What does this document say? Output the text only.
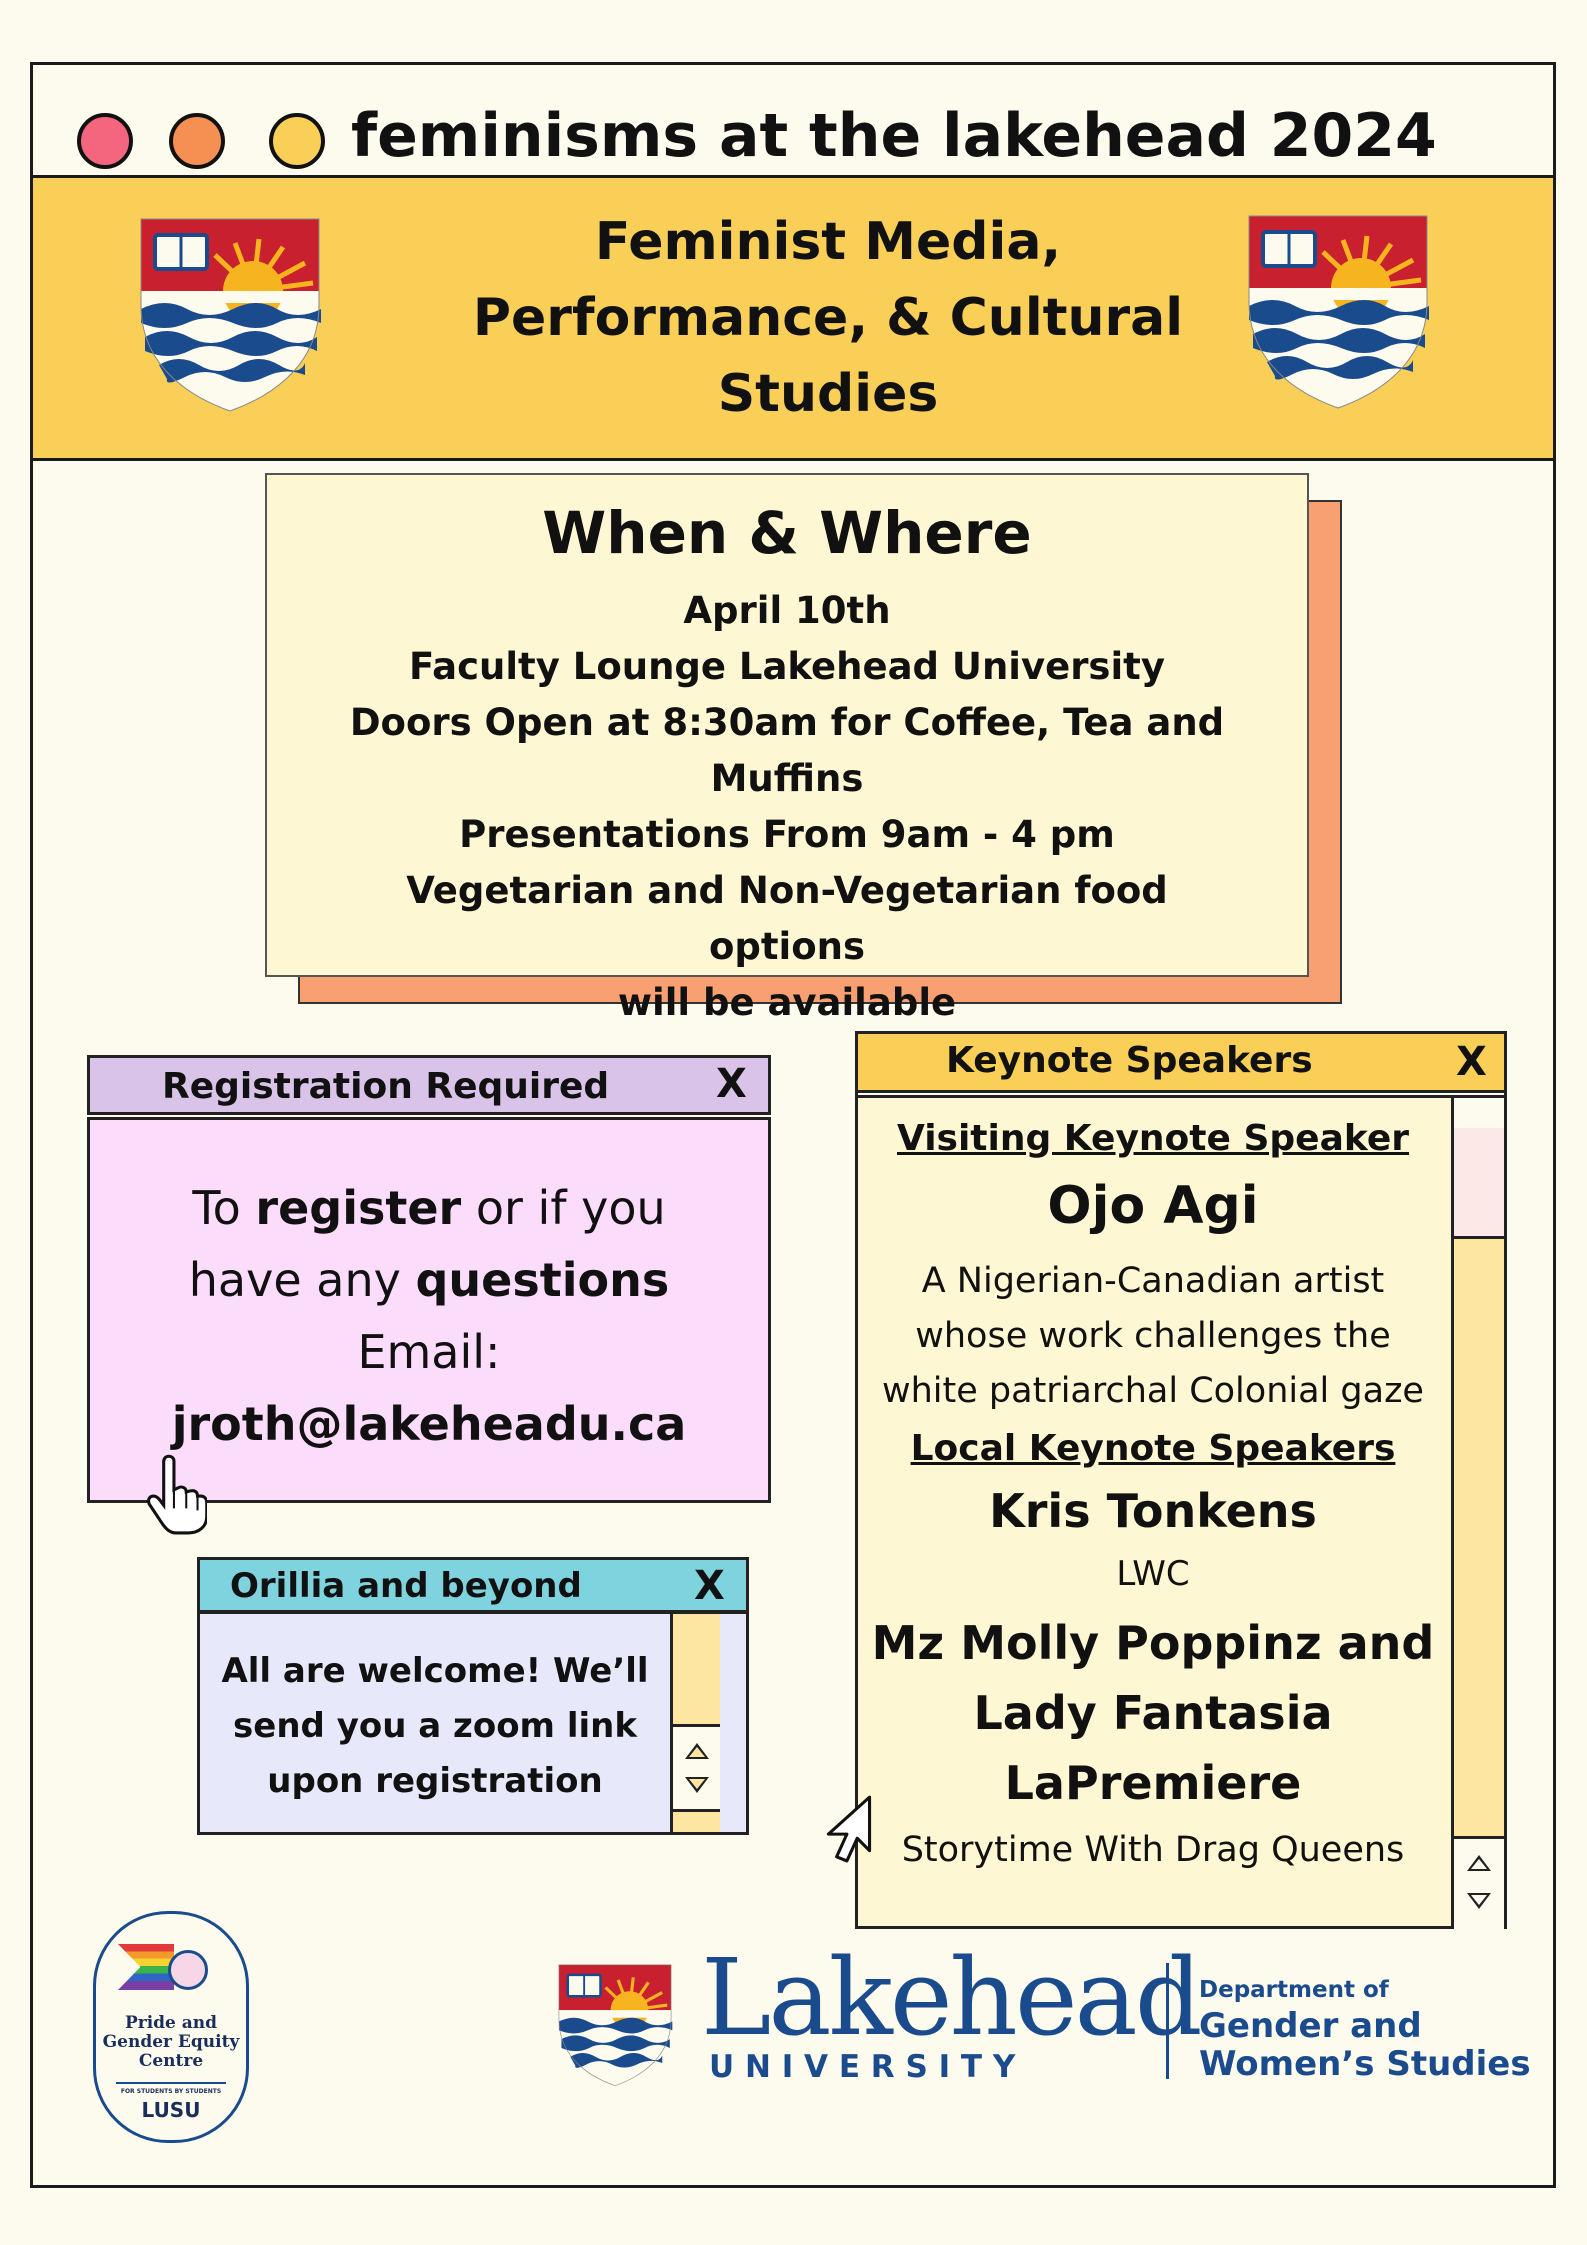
feminisms at the lakehead 2024
Feminist Media,
Performance, & Cultural
Studies
When & Where
April 10th
Faculty Lounge Lakehead University
Doors Open at 8:30am for Coffee, Tea and
Muffins
Presentations From 9am - 4 pm
Vegetarian and Non-Vegetarian food options
will be available
Registration Required	X
To register or if you
have any questions
Email:
jroth@lakeheadu.ca
Orillia and beyond	X
All are welcome! We’ll
send you a zoom link
upon registration
Keynote Speakers	X
Visiting Keynote Speaker
Ojo Agi
A Nigerian-Canadian artist
whose work challenges the
white patriarchal Colonial gaze
Local Keynote Speakers
Kris Tonkens
LWC
Mz Molly Poppinz and
Lady Fantasia
LaPremiere
Storytime With Drag Queens
Pride and
Gender Equity
Centre
FOR STUDENTS BY STUDENTS
LUSU
Lakehead
U N I V E R S I T Y
Department of
Gender and
Women’s Studies
